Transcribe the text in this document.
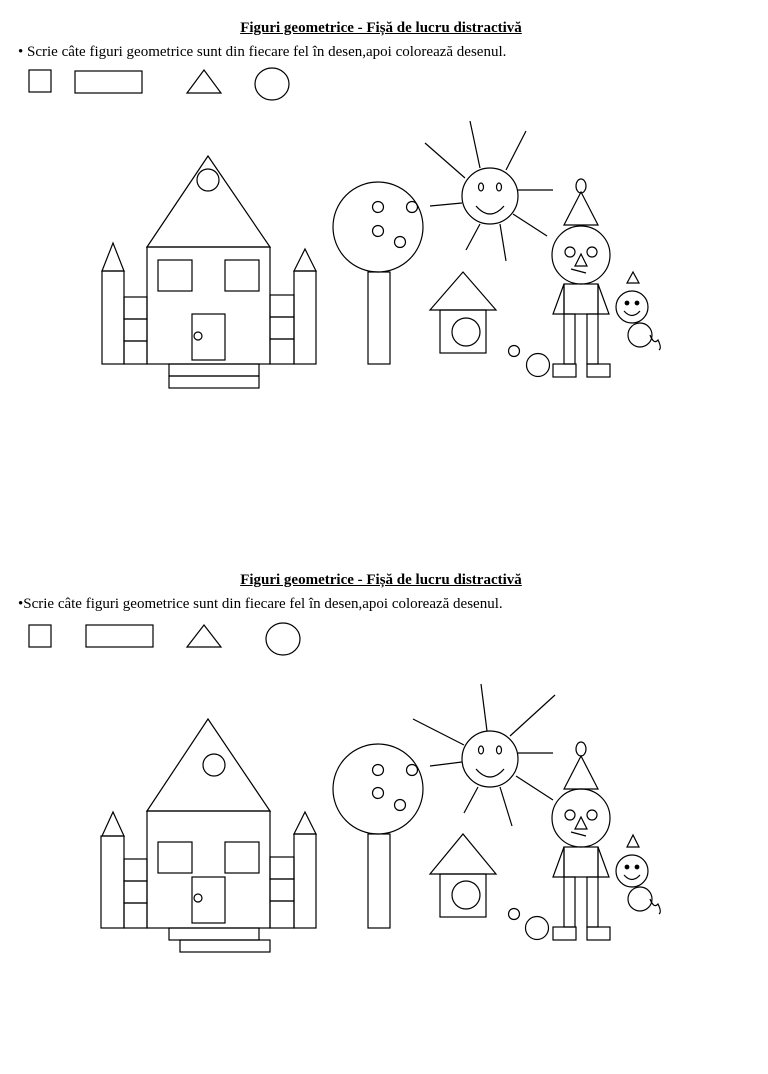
Figuri geometrice - Fișă de lucru distractivă
• Scrie câte figuri geometrice sunt din fiecare fel în desen,apoi colorează desenul.
Figuri geometrice - Fișă de lucru distractivă
•Scrie câte figuri geometrice sunt din fiecare fel în desen,apoi colorează desenul.
